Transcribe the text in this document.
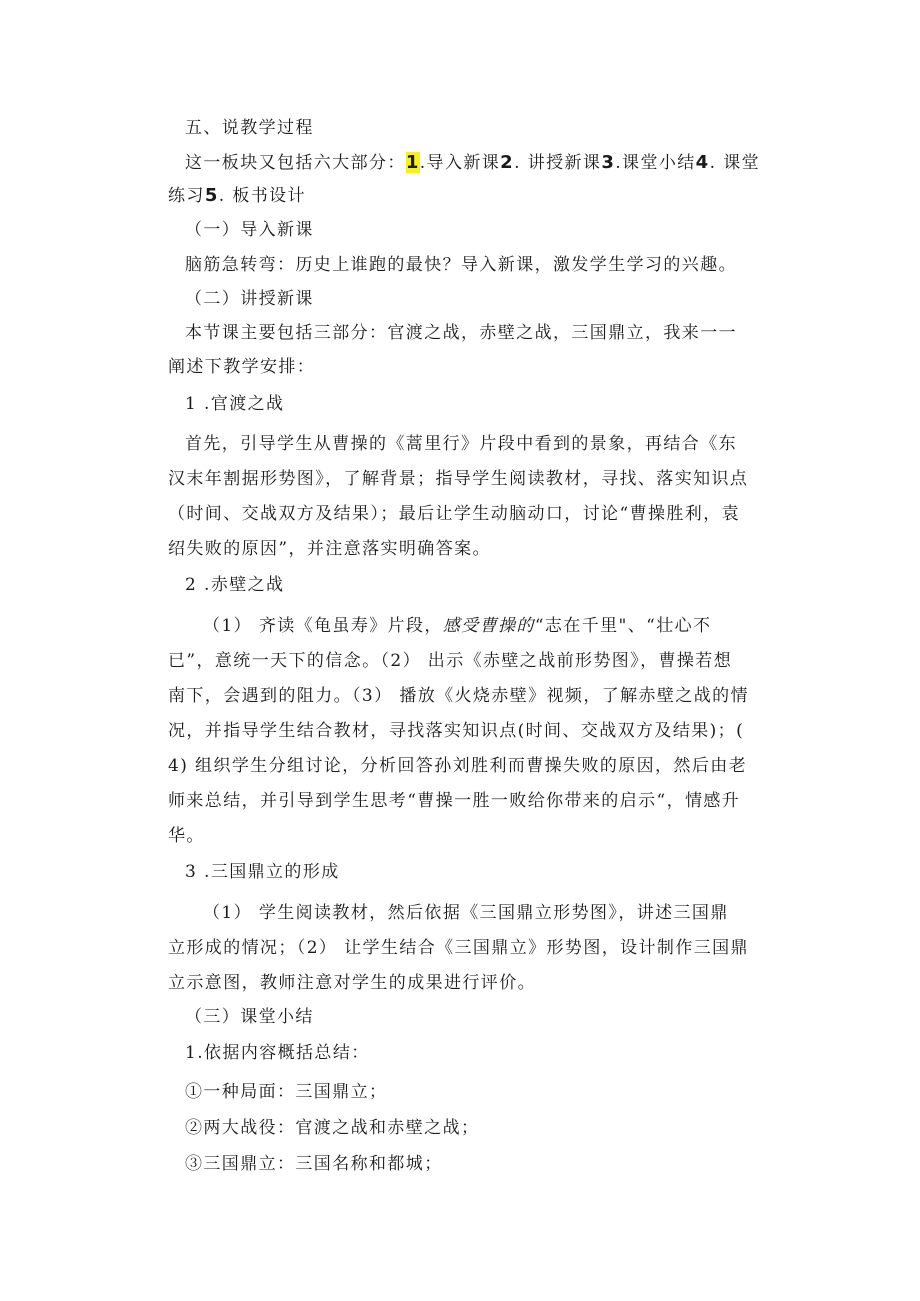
五、说教学过程
这一板块又包括六大部分：1.导入新课2. 讲授新课3.课堂小结4. 课堂
练习5. 板书设计
（一）导入新课
脑筋急转弯：历史上谁跑的最快？导入新课，激发学生学习的兴趣。
（二）讲授新课
本节课主要包括三部分：官渡之战，赤壁之战，三国鼎立，我来一一
阐述下教学安排：
1 .官渡之战
首先，引导学生从曹操的《蒿里行》片段中看到的景象，再结合《东
汉末年割据形势图》，了解背景；指导学生阅读教材，寻找、落实知识点
（时间、交战双方及结果）；最后让学生动脑动口，讨论“曹操胜利，袁
绍失败的原因”，并注意落实明确答案。
2 .赤壁之战
（1） 齐读《龟虽寿》片段，感受曹操的“志在千里"、“壮心不
已”，意统一天下的信念。（2） 出示《赤壁之战前形势图》，曹操若想
南下，会遇到的阻力。（3） 播放《火烧赤壁》视频，了解赤壁之战的情
况，并指导学生结合教材，寻找落实知识点(时间、交战双方及结果)；(
4) 组织学生分组讨论，分析回答孙刘胜利而曹操失败的原因，然后由老
师来总结，并引导到学生思考“曹操一胜一败给你带来的启示“，情感升
华。
3 .三国鼎立的形成
（1） 学生阅读教材，然后依据《三国鼎立形势图》，讲述三国鼎
立形成的情况；（2） 让学生结合《三国鼎立》形势图，设计制作三国鼎
立示意图，教师注意对学生的成果进行评价。
（三）课堂小结
1.依据内容概括总结：
①一种局面：三国鼎立；
②两大战役：官渡之战和赤壁之战；
③三国鼎立：三国名称和都城；
